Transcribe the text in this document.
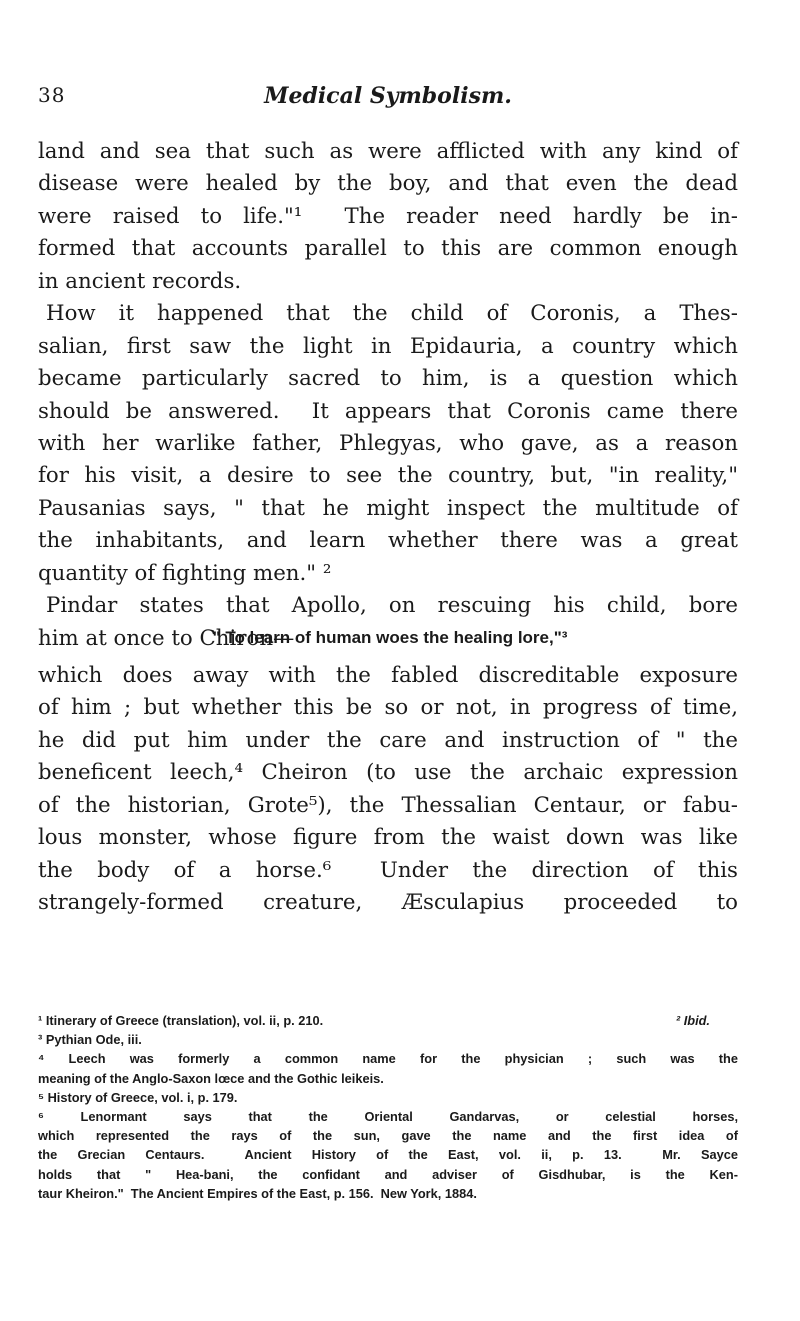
38	Medical Symbolism.
land and sea that such as were afflicted with any kind of
disease were healed by the boy, and that even the dead
were raised to life."¹  The reader need hardly be in-
formed that accounts parallel to this are common enough
in ancient records.
How it happened that the child of Coronis, a Thes-
salian, first saw the light in Epidauria, a country which
became particularly sacred to him, is a question which
should be answered.  It appears that Coronis came there
with her warlike father, Phlegyas, who gave, as a reason
for his visit, a desire to see the country, but, "in reality,"
Pausanias says, " that he might inspect the multitude of
the inhabitants, and learn whether there was a great
quantity of fighting men." ²
Pindar states that Apollo, on rescuing his child, bore
him at once to Chiron—
" To learn of human woes the healing lore,"³
which does away with the fabled discreditable exposure
of him ; but whether this be so or not, in progress of time,
he did put him under the care and instruction of " the
beneficent leech,⁴ Cheiron (to use the archaic expression
of the historian, Grote⁵), the Thessalian Centaur, or fabu-
lous monster, whose figure from the waist down was like
the body of a horse.⁶  Under the direction of this
strangely-formed creature, Æsculapius proceeded to
¹ Itinerary of Greece (translation), vol. ii, p. 210.	² Ibid.
³ Pythian Ode, iii.
⁴ Leech was formerly a common name for the physician ; such was the
meaning of the Anglo-Saxon lœce and the Gothic leikeis.
⁵ History of Greece, vol. i, p. 179.
⁶ Lenormant says that the Oriental Gandarvas, or celestial horses,
which represented the rays of the sun, gave the name and the first idea of
the Grecian Centaurs.  Ancient History of the East, vol. ii, p. 13.  Mr. Sayce
holds that " Hea-bani, the confidant and adviser of Gisdhubar, is the Ken-
taur Kheiron."  The Ancient Empires of the East, p. 156.  New York, 1884.
